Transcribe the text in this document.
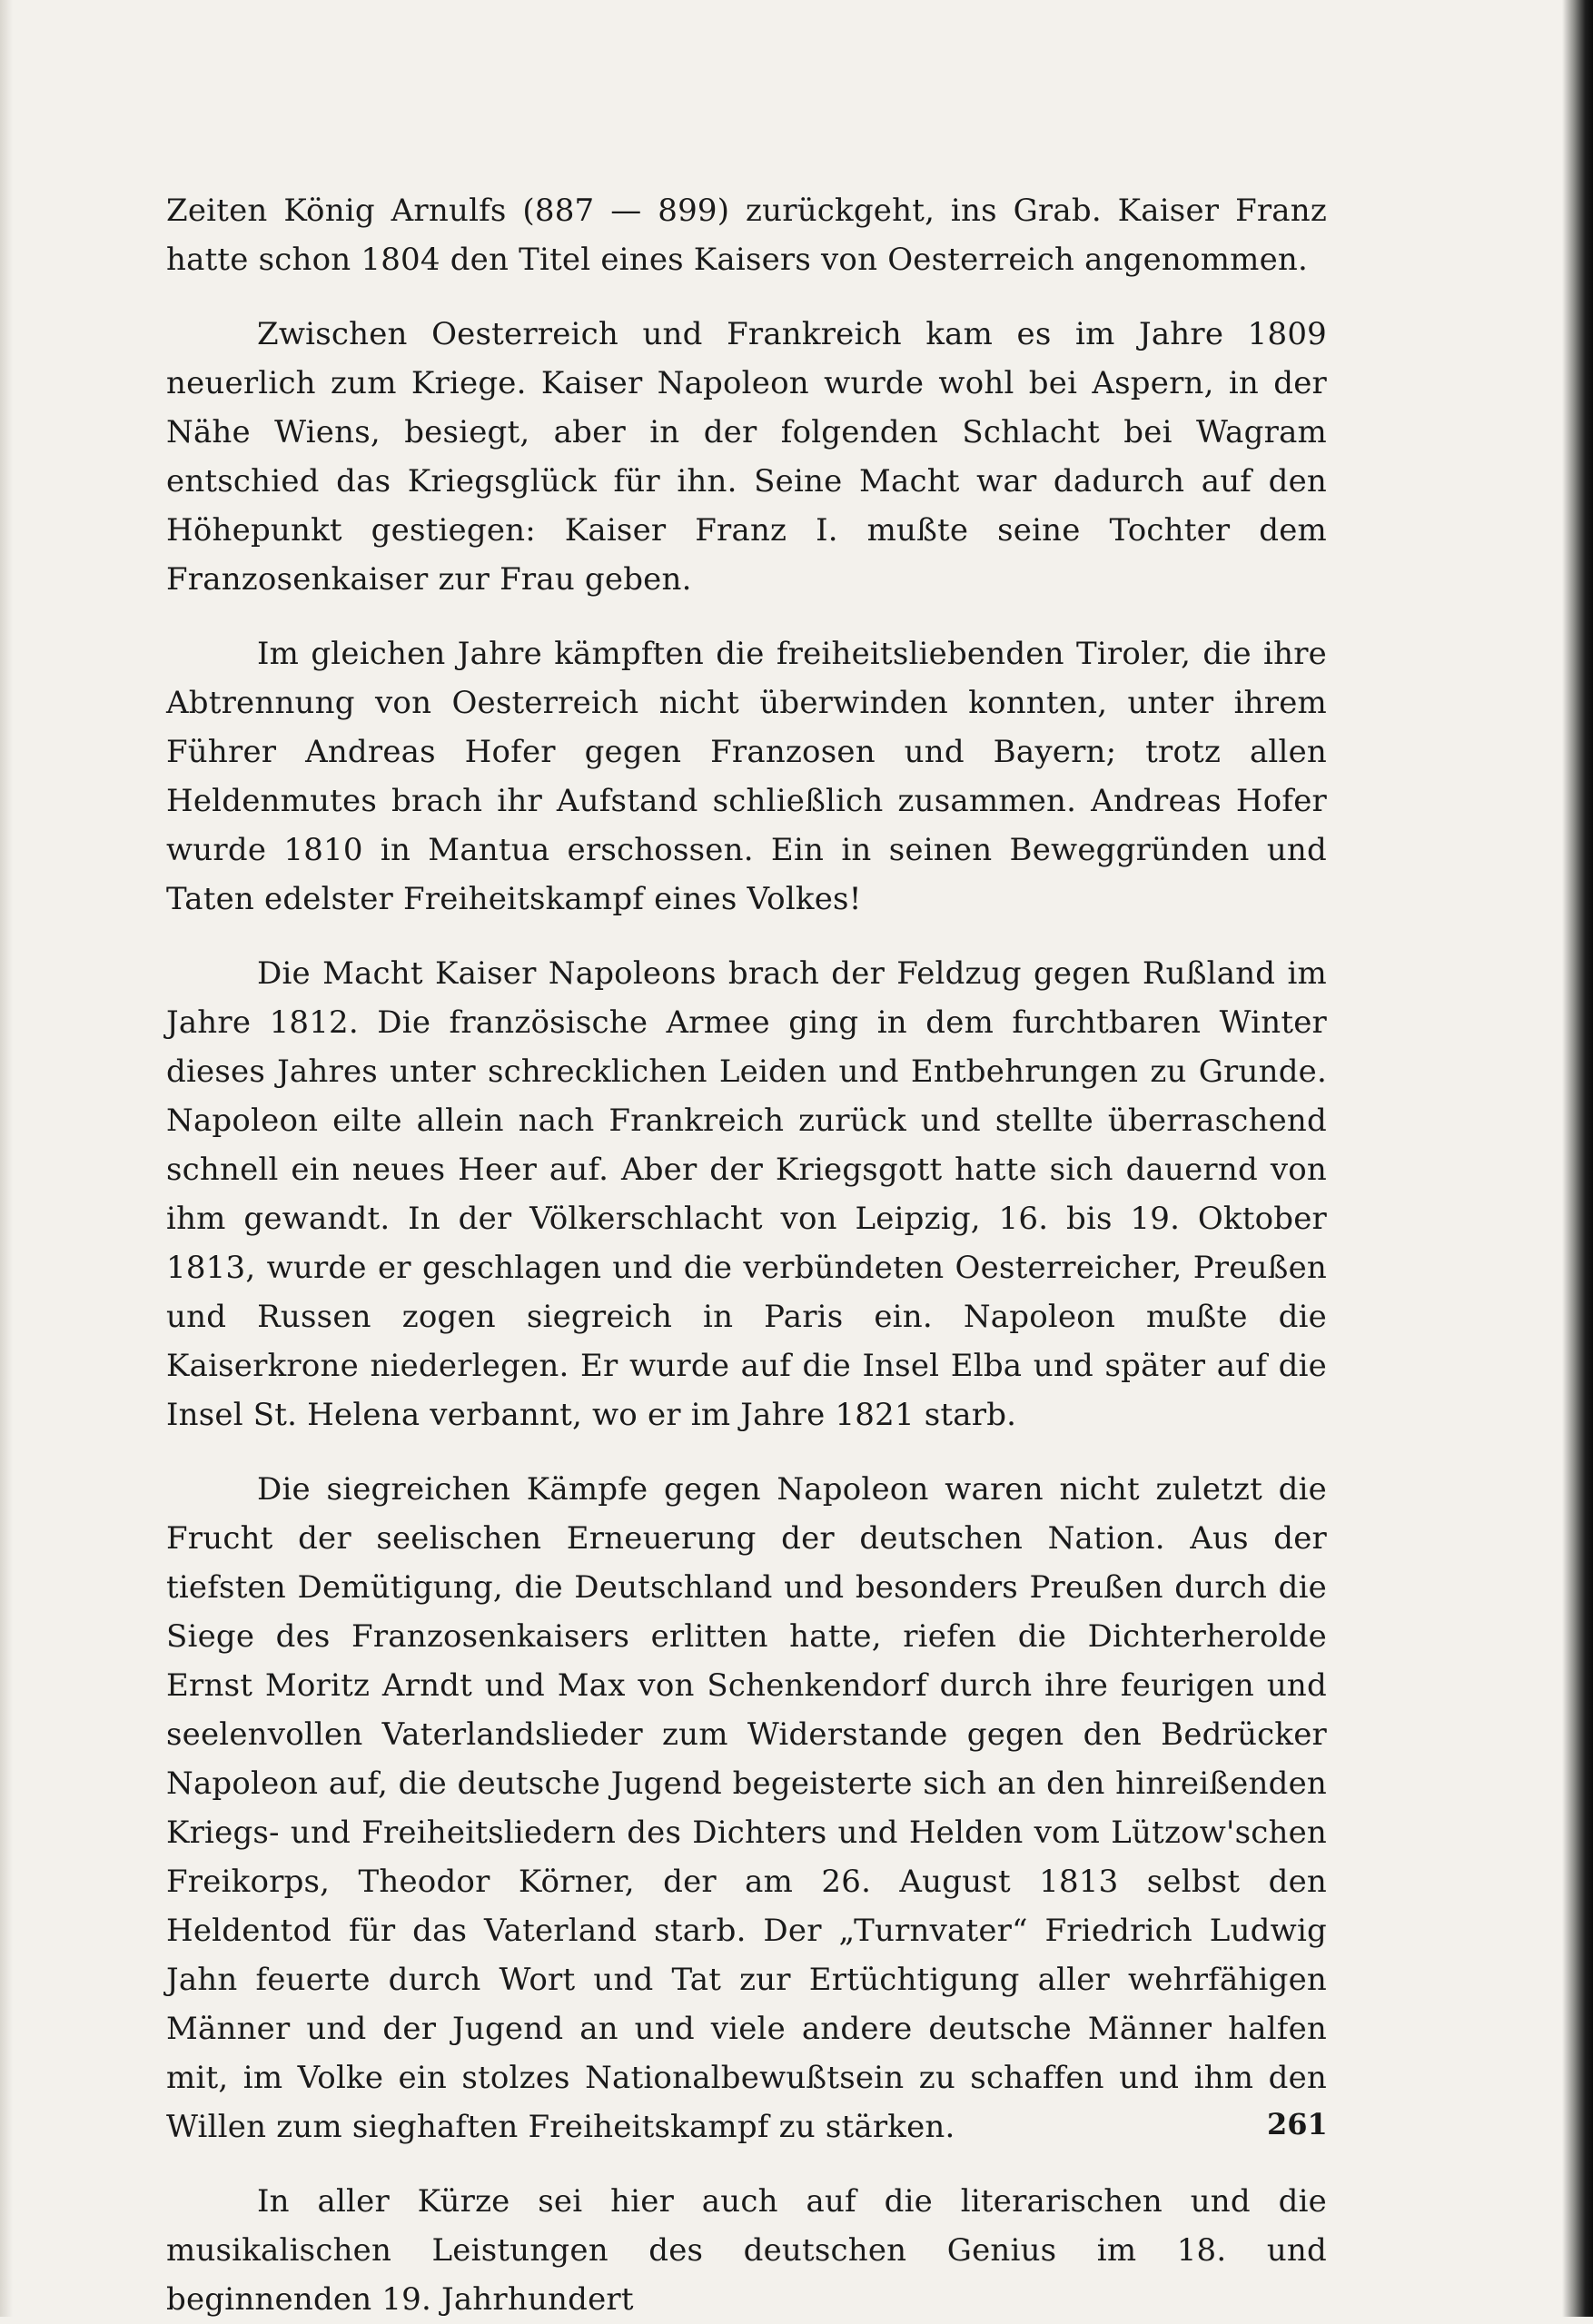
Zeiten König Arnulfs (887 — 899) zurückgeht, ins Grab. Kaiser Franz hatte schon 1804 den Titel eines Kaisers von Oesterreich angenommen.

Zwischen Oesterreich und Frankreich kam es im Jahre 1809 neuerlich zum Kriege. Kaiser Napoleon wurde wohl bei Aspern, in der Nähe Wiens, besiegt, aber in der folgenden Schlacht bei Wagram entschied das Kriegsglück für ihn. Seine Macht war dadurch auf den Höhepunkt gestiegen: Kaiser Franz I. mußte seine Tochter dem Franzosenkaiser zur Frau geben.

Im gleichen Jahre kämpften die freiheitsliebenden Tiroler, die ihre Abtrennung von Oesterreich nicht überwinden konnten, unter ihrem Führer Andreas Hofer gegen Franzosen und Bayern; trotz allen Heldenmutes brach ihr Aufstand schließlich zusammen. Andreas Hofer wurde 1810 in Mantua erschossen. Ein in seinen Beweggründen und Taten edelster Freiheitskampf eines Volkes!

Die Macht Kaiser Napoleons brach der Feldzug gegen Rußland im Jahre 1812. Die französische Armee ging in dem furchtbaren Winter dieses Jahres unter schrecklichen Leiden und Entbehrungen zu Grunde. Napoleon eilte allein nach Frankreich zurück und stellte überraschend schnell ein neues Heer auf. Aber der Kriegsgott hatte sich dauernd von ihm gewandt. In der Völkerschlacht von Leipzig, 16. bis 19. Oktober 1813, wurde er geschlagen und die verbündeten Oesterreicher, Preußen und Russen zogen siegreich in Paris ein. Napoleon mußte die Kaiserkrone niederlegen. Er wurde auf die Insel Elba und später auf die Insel St. Helena verbannt, wo er im Jahre 1821 starb.

Die siegreichen Kämpfe gegen Napoleon waren nicht zuletzt die Frucht der seelischen Erneuerung der deutschen Nation. Aus der tiefsten Demütigung, die Deutschland und besonders Preußen durch die Siege des Franzosenkaisers erlitten hatte, riefen die Dichterherolde Ernst Moritz Arndt und Max von Schenkendorf durch ihre feurigen und seelenvollen Vaterlandslieder zum Widerstande gegen den Bedrücker Napoleon auf, die deutsche Jugend begeisterte sich an den hinreißenden Kriegs- und Freiheitsliedern des Dichters und Helden vom Lützow'schen Freikorps, Theodor Körner, der am 26. August 1813 selbst den Heldentod für das Vaterland starb. Der „Turnvater“ Friedrich Ludwig Jahn feuerte durch Wort und Tat zur Ertüchtigung aller wehrfähigen Männer und der Jugend an und viele andere deutsche Männer halfen mit, im Volke ein stolzes Nationalbewußtsein zu schaffen und ihm den Willen zum sieghaften Freiheitskampf zu stärken.

In aller Kürze sei hier auch auf die literarischen und die musikalischen Leistungen des deutschen Genius im 18. und beginnenden 19. Jahrhundert

261
